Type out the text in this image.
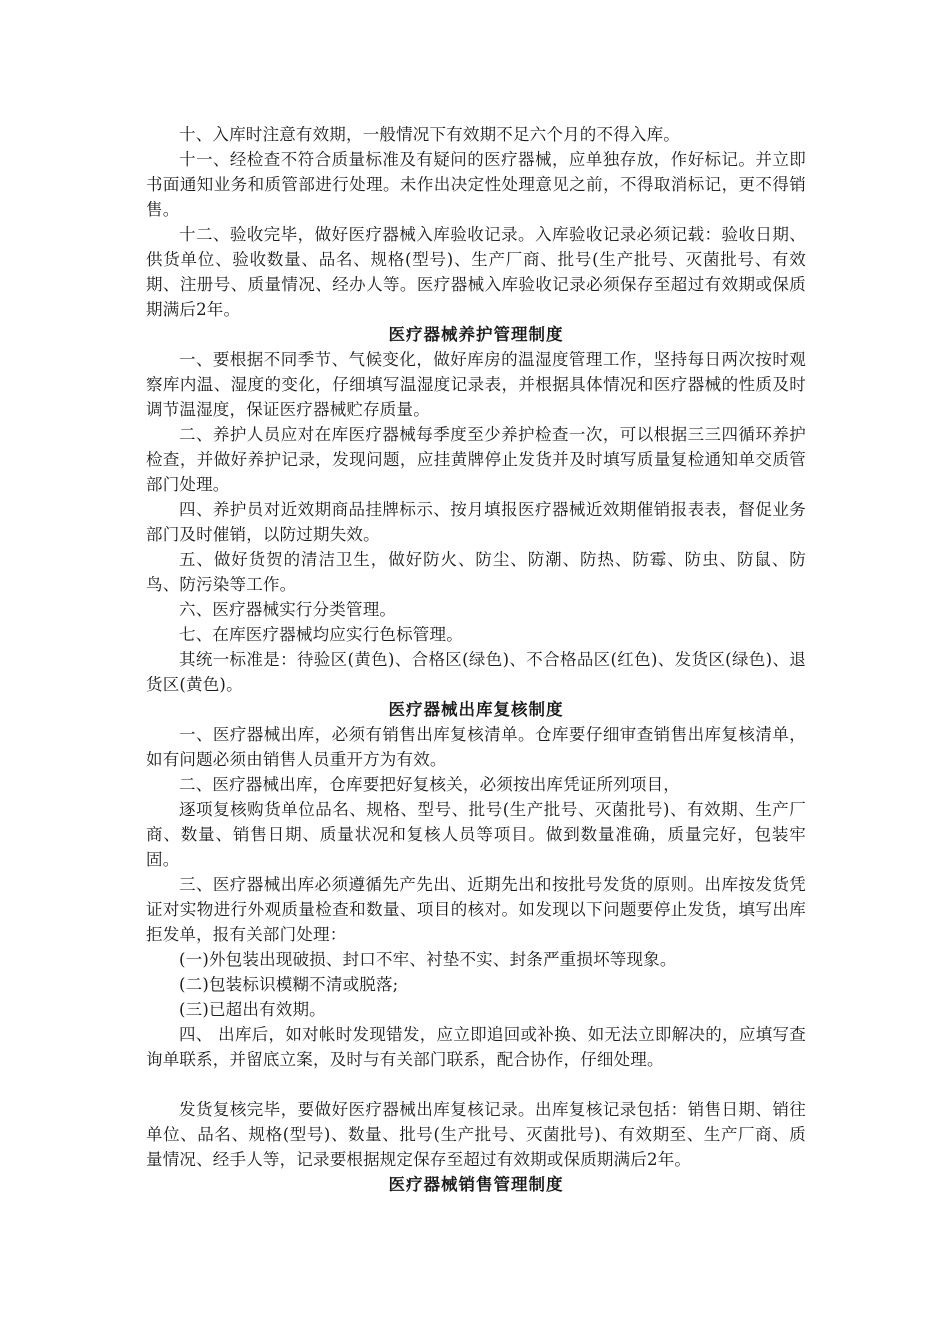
十、入库时注意有效期，一般情况下有效期不足六个月的不得入库。

十一、经检查不符合质量标准及有疑问的医疗器械，应单独存放，作好标记。并立即书面通知业务和质管部进行处理。未作出决定性处理意见之前，不得取消标记，更不得销售。

十二、验收完毕，做好医疗器械入库验收记录。入库验收记录必须记载：验收日期、供货单位、验收数量、品名、规格(型号)、生产厂商、批号(生产批号、灭菌批号、有效期、注册号、质量情况、经办人等。医疗器械入库验收记录必须保存至超过有效期或保质期满后2年。

医疗器械养护管理制度

一、要根据不同季节、气候变化，做好库房的温湿度管理工作，坚持每日两次按时观察库内温、湿度的变化，仔细填写温湿度记录表，并根据具体情况和医疗器械的性质及时调节温湿度，保证医疗器械贮存质量。

二、养护人员应对在库医疗器械每季度至少养护检查一次，可以根据三三四循环养护检查，并做好养护记录，发现问题，应挂黄牌停止发货并及时填写质量复检通知单交质管部门处理。

四、养护员对近效期商品挂牌标示、按月填报医疗器械近效期催销报表表，督促业务部门及时催销，以防过期失效。

五、做好货贺的清洁卫生，做好防火、防尘、防潮、防热、防霉、防虫、防鼠、防鸟、防污染等工作。

六、医疗器械实行分类管理。

七、在库医疗器械均应实行色标管理。

其统一标准是：待验区(黄色)、合格区(绿色)、不合格品区(红色)、发货区(绿色)、退货区(黄色)。

医疗器械出库复核制度

一、医疗器械出库，必须有销售出库复核清单。仓库要仔细审查销售出库复核清单，如有问题必须由销售人员重开方为有效。

二、医疗器械出库，仓库要把好复核关，必须按出库凭证所列项目，

逐项复核购货单位品名、规格、型号、批号(生产批号、灭菌批号)、有效期、生产厂商、数量、销售日期、质量状况和复核人员等项目。做到数量准确，质量完好，包装牢固。

三、医疗器械出库必须遵循先产先出、近期先出和按批号发货的原则。出库按发货凭证对实物进行外观质量检查和数量、项目的核对。如发现以下问题要停止发货，填写出库拒发单，报有关部门处理：

(一)外包装出现破损、封口不牢、衬垫不实、封条严重损坏等现象。

(二)包装标识模糊不清或脱落;

(三)已超出有效期。

四、 出库后，如对帐时发现错发，应立即追回或补换、如无法立即解决的，应填写查询单联系，并留底立案，及时与有关部门联系，配合协作，仔细处理。

发货复核完毕，要做好医疗器械出库复核记录。出库复核记录包括：销售日期、销往单位、品名、规格(型号)、数量、批号(生产批号、灭菌批号)、有效期至、生产厂商、质量情况、经手人等，记录要根据规定保存至超过有效期或保质期满后2年。

医疗器械销售管理制度
